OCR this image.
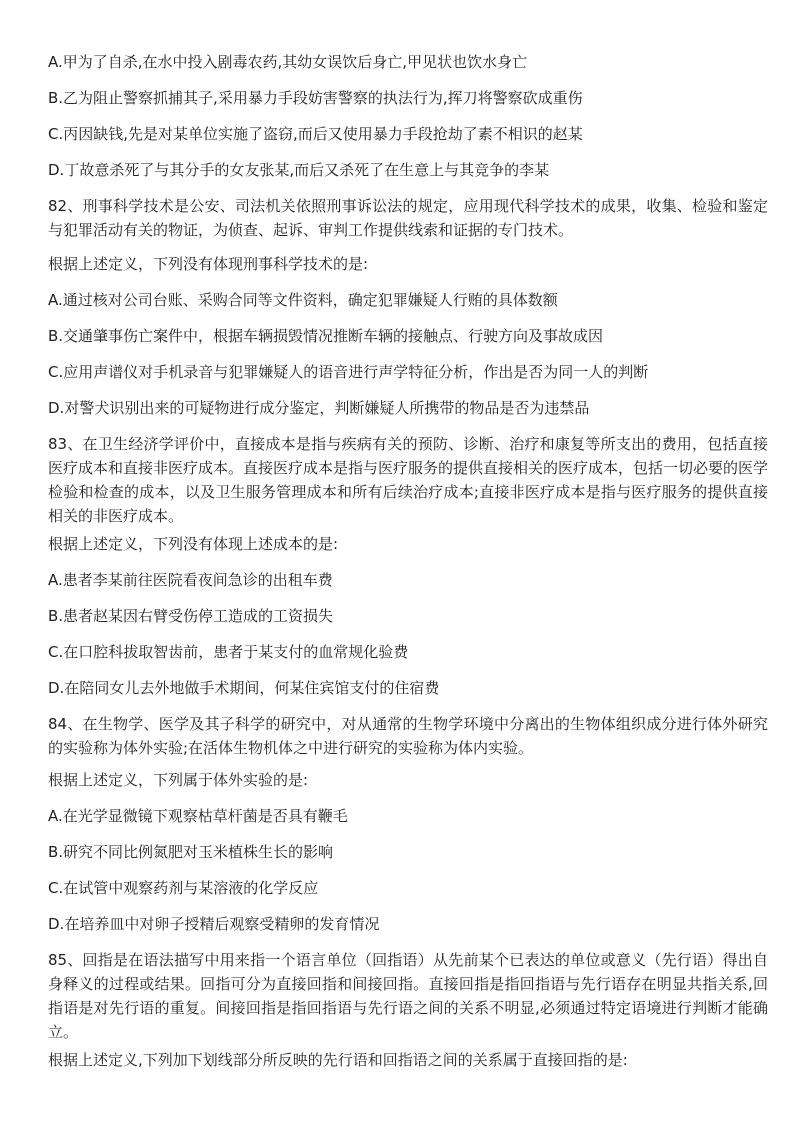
A.甲为了自杀,在水中投入剧毒农药,其幼女误饮后身亡,甲见状也饮水身亡
B.乙为阻止警察抓捕其子,采用暴力手段妨害警察的执法行为,挥刀将警察砍成重伤
C.丙因缺钱,先是对某单位实施了盗窃,而后又使用暴力手段抢劫了素不相识的赵某
D.丁故意杀死了与其分手的女友张某,而后又杀死了在生意上与其竞争的李某
82、刑事科学技术是公安、司法机关依照刑事诉讼法的规定，应用现代科学技术的成果，收集、检验和鉴定与犯罪活动有关的物证，为侦查、起诉、审判工作提供线索和证据的专门技术。
根据上述定义，下列没有体现刑事科学技术的是:
A.通过核对公司台账、采购合同等文件资料，确定犯罪嫌疑人行贿的具体数额
B.交通肇事伤亡案件中，根据车辆损毁情况推断车辆的接触点、行驶方向及事故成因
C.应用声谱仪对手机录音与犯罪嫌疑人的语音进行声学特征分析，作出是否为同一人的判断
D.对警犬识别出来的可疑物进行成分鉴定，判断嫌疑人所携带的物品是否为违禁品
83、在卫生经济学评价中，直接成本是指与疾病有关的预防、诊断、治疗和康复等所支出的费用，包括直接医疗成本和直接非医疗成本。直接医疗成本是指与医疗服务的提供直接相关的医疗成本，包括一切必要的医学检验和检查的成本，以及卫生服务管理成本和所有后续治疗成本;直接非医疗成本是指与医疗服务的提供直接相关的非医疗成本。
根据上述定义，下列没有体现上述成本的是:
A.患者李某前往医院看夜间急诊的出租车费
B.患者赵某因右臂受伤停工造成的工资损失
C.在口腔科拔取智齿前，患者于某支付的血常规化验费
D.在陪同女儿去外地做手术期间，何某住宾馆支付的住宿费
84、在生物学、医学及其子科学的研究中，对从通常的生物学环境中分离出的生物体组织成分进行体外研究的实验称为体外实验;在活体生物机体之中进行研究的实验称为体内实验。
根据上述定义，下列属于体外实验的是:
A.在光学显微镜下观察枯草杆菌是否具有鞭毛
B.研究不同比例氮肥对玉米植株生长的影响
C.在试管中观察药剂与某溶液的化学反应
D.在培养皿中对卵子授精后观察受精卵的发育情况
85、回指是在语法描写中用来指一个语言单位（回指语）从先前某个已表达的单位或意义（先行语）得出自身释义的过程或结果。回指可分为直接回指和间接回指。直接回指是指回指语与先行语存在明显共指关系,回指语是对先行语的重复。间接回指是指回指语与先行语之间的关系不明显,必须通过特定语境进行判断才能确立。
根据上述定义,下列加下划线部分所反映的先行语和回指语之间的关系属于直接回指的是:
